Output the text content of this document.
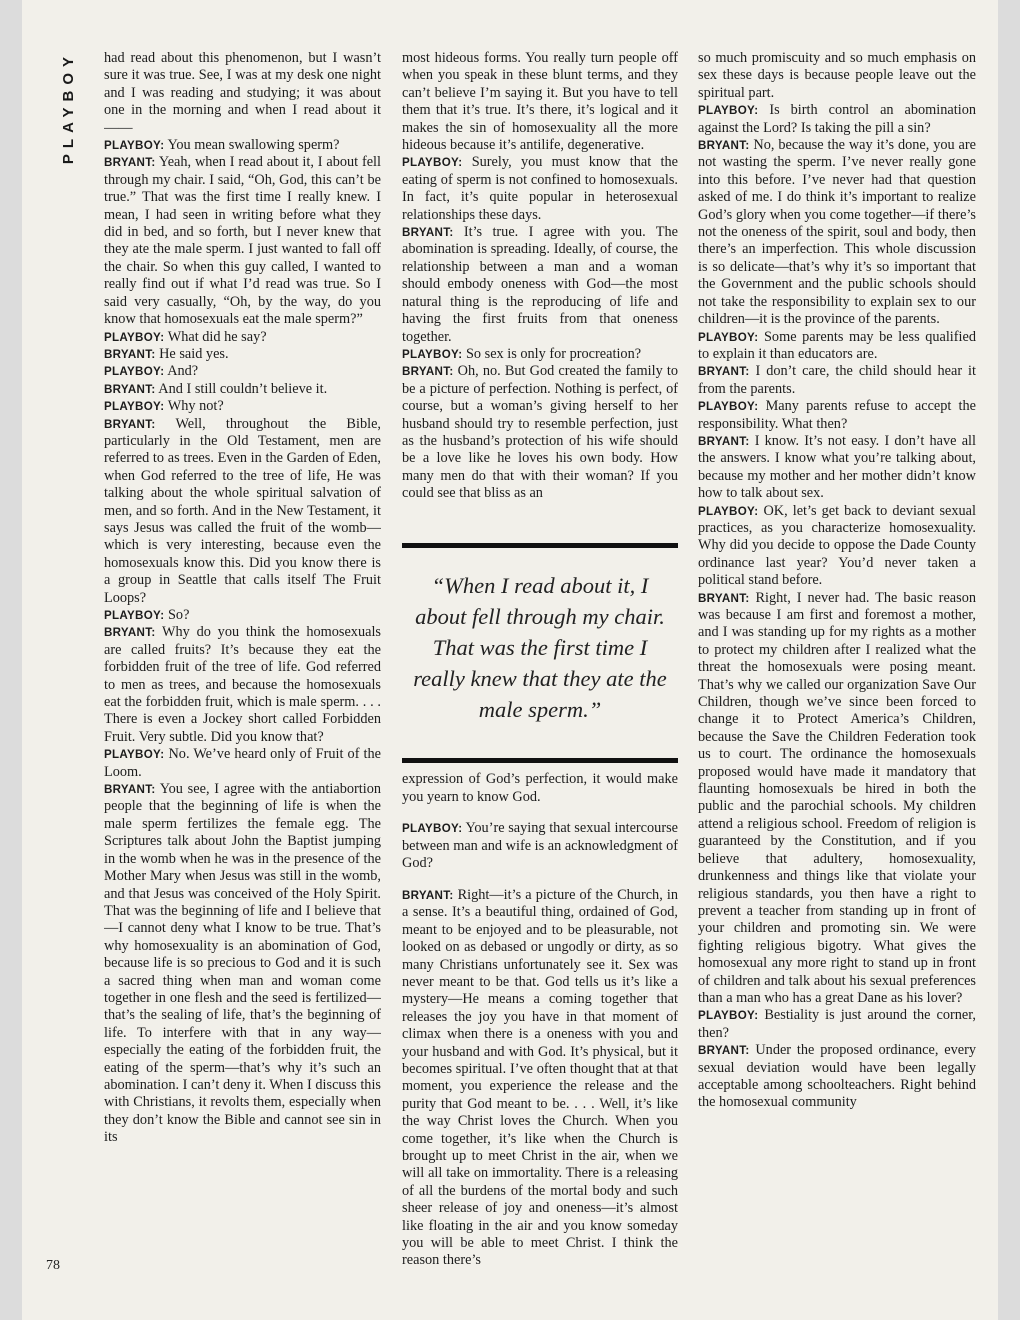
PLAYBOY had read about this phenomenon, but I wasn’t sure it was true. See, I was at my desk one night and I was reading and studying; it was about one in the morning and when I read about it——

PLAYBOY: You mean swallowing sperm?

BRYANT: Yeah, when I read about it, I about fell through my chair. I said, “Oh, God, this can’t be true.” That was the first time I really knew. I mean, I had seen in writing before what they did in bed, and so forth, but I never knew that they ate the male sperm. I just wanted to fall off the chair. So when this guy called, I wanted to really find out if what I’d read was true. So I said very casually, “Oh, by the way, do you know that homosexuals eat the male sperm?”

PLAYBOY: What did he say?

BRYANT: He said yes.

PLAYBOY: And?

BRYANT: And I still couldn’t believe it.

PLAYBOY: Why not?

BRYANT: Well, throughout the Bible, particularly in the Old Testament, men are referred to as trees. Even in the Garden of Eden, when God referred to the tree of life, He was talking about the whole spiritual salvation of men, and so forth. And in the New Testament, it says Jesus was called the fruit of the womb—which is very interesting, because even the homosexuals know this. Did you know there is a group in Seattle that calls itself The Fruit Loops?

PLAYBOY: So?

BRYANT: Why do you think the homosexuals are called fruits? It’s because they eat the forbidden fruit of the tree of life. God referred to men as trees, and because the homosexuals eat the forbidden fruit, which is male sperm. . . . There is even a Jockey short called Forbidden Fruit. Very subtle. Did you know that?

PLAYBOY: No. We’ve heard only of Fruit of the Loom.

BRYANT: You see, I agree with the antiabortion people that the beginning of life is when the male sperm fertilizes the female egg. The Scriptures talk about John the Baptist jumping in the womb when he was in the presence of the Mother Mary when Jesus was still in the womb, and that Jesus was conceived of the Holy Spirit. That was the beginning of life and I believe that—I cannot deny what I know to be true. That’s why homosexuality is an abomination of God, because life is so precious to God and it is such a sacred thing when man and woman come together in one flesh and the seed is fertilized—that’s the sealing of life, that’s the beginning of life. To interfere with that in any way—especially the eating of the forbidden fruit, the eating of the sperm—that’s why it’s such an abomination. I can’t deny it. When I discuss this with Christians, it revolts them, especially when they don’t know the Bible and cannot see sin in its

most hideous forms. You really turn people off when you speak in these blunt terms, and they can’t believe I’m saying it. But you have to tell them that it’s true. It’s there, it’s logical and it makes the sin of homosexuality all the more hideous because it’s antilife, degenerative.

PLAYBOY: Surely, you must know that the eating of sperm is not confined to homosexuals. In fact, it’s quite popular in heterosexual relationships these days.

BRYANT: It’s true. I agree with you. The abomination is spreading. Ideally, of course, the relationship between a man and a woman should embody oneness with God—the most natural thing is the reproducing of life and having the first fruits from that oneness together.

PLAYBOY: So sex is only for procreation?

BRYANT: Oh, no. But God created the family to be a picture of perfection. Nothing is perfect, of course, but a woman’s giving herself to her husband should try to resemble perfection, just as the husband’s protection of his wife should be a love like he loves his own body. How many men do that with their woman? If you could see that bliss as an

“When I read about it, I about fell through my chair. That was the first time I really knew that they ate the male sperm.”

expression of God’s perfection, it would make you yearn to know God.

PLAYBOY: You’re saying that sexual intercourse between man and wife is an acknowledgment of God?

BRYANT: Right—it’s a picture of the Church, in a sense. It’s a beautiful thing, ordained of God, meant to be enjoyed and to be pleasurable, not looked on as debased or ungodly or dirty, as so many Christians unfortunately see it. Sex was never meant to be that. God tells us it’s like a mystery—He means a coming together that releases the joy you have in that moment of climax when there is a oneness with you and your husband and with God. It’s physical, but it becomes spiritual. I’ve often thought that at that moment, you experience the release and the purity that God meant to be. . . . Well, it’s like the way Christ loves the Church. When you come together, it’s like when the Church is brought up to meet Christ in the air, when we will all take on immortality. There is a releasing of all the burdens of the mortal body and such sheer release of joy and oneness—it’s almost like floating in the air and you know someday you will be able to meet Christ. I think the reason there’s

so much promiscuity and so much emphasis on sex these days is because people leave out the spiritual part.

PLAYBOY: Is birth control an abomination against the Lord? Is taking the pill a sin?

BRYANT: No, because the way it’s done, you are not wasting the sperm. I’ve never really gone into this before. I’ve never had that question asked of me. I do think it’s important to realize God’s glory when you come together—if there’s not the oneness of the spirit, soul and body, then there’s an imperfection. This whole discussion is so delicate—that’s why it’s so important that the Government and the public schools should not take the responsibility to explain sex to our children—it is the province of the parents.

PLAYBOY: Some parents may be less qualified to explain it than educators are.

BRYANT: I don’t care, the child should hear it from the parents.

PLAYBOY: Many parents refuse to accept the responsibility. What then?

BRYANT: I know. It’s not easy. I don’t have all the answers. I know what you’re talking about, because my mother and her mother didn’t know how to talk about sex.

PLAYBOY: OK, let’s get back to deviant sexual practices, as you characterize homosexuality. Why did you decide to oppose the Dade County ordinance last year? You’d never taken a political stand before.

BRYANT: Right, I never had. The basic reason was because I am first and foremost a mother, and I was standing up for my rights as a mother to protect my children after I realized what the threat the homosexuals were posing meant. That’s why we called our organization Save Our Children, though we’ve since been forced to change it to Protect America’s Children, because the Save the Children Federation took us to court. The ordinance the homosexuals proposed would have made it mandatory that flaunting homosexuals be hired in both the public and the parochial schools. My children attend a religious school. Freedom of religion is guaranteed by the Constitution, and if you believe that adultery, homosexuality, drunkenness and things like that violate your religious standards, you then have a right to prevent a teacher from standing up in front of your children and promoting sin. We were fighting religious bigotry. What gives the homosexual any more right to stand up in front of children and talk about his sexual preferences than a man who has a great Dane as his lover?

PLAYBOY: Bestiality is just around the corner, then?

BRYANT: Under the proposed ordinance, every sexual deviation would have been legally acceptable among schoolteachers. Right behind the homosexual community

78
